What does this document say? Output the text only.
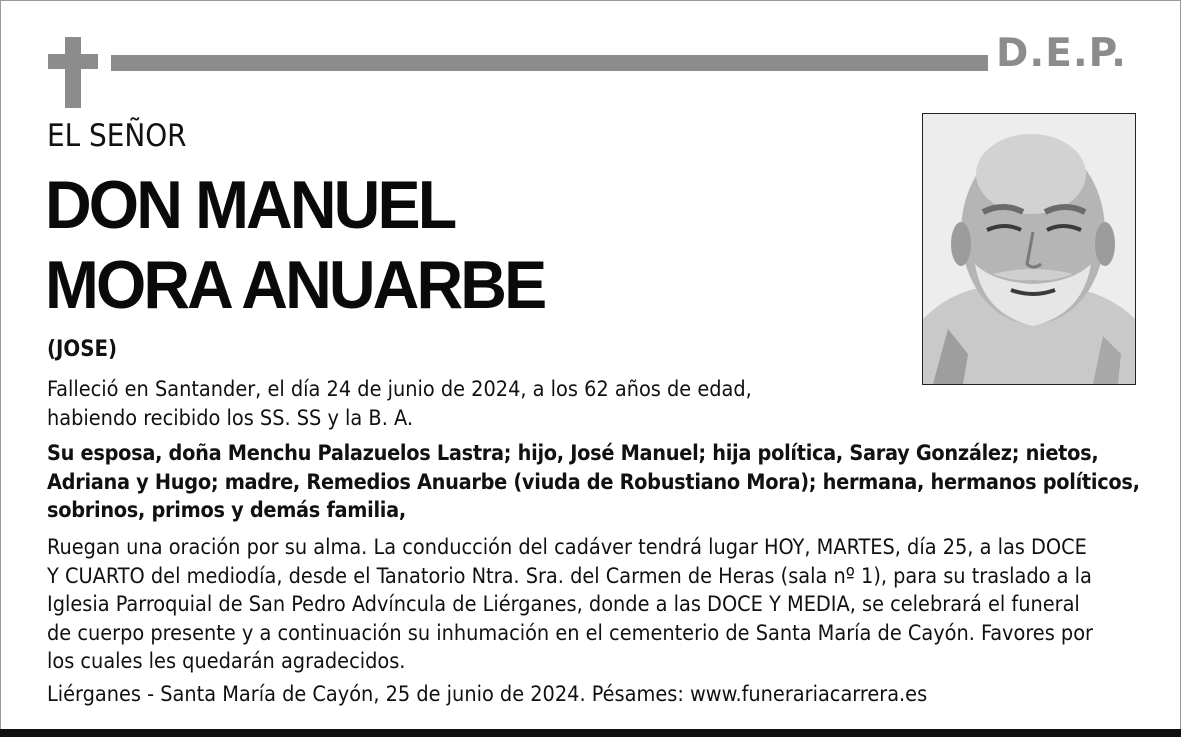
D.E.P.
EL SEÑOR
DON MANUEL
MORA ANUARBE
(JOSE)
Falleció en Santander, el día 24 de junio de 2024, a los 62 años de edad,
habiendo recibido los SS. SS y la B. A.
Su esposa, doña Menchu Palazuelos Lastra; hijo, José Manuel; hija política, Saray González; nietos,
Adriana y Hugo; madre, Remedios Anuarbe (viuda de Robustiano Mora); hermana, hermanos políticos,
sobrinos, primos y demás familia,
Ruegan una oración por su alma. La conducción del cadáver tendrá lugar HOY, MARTES, día 25, a las DOCE
Y CUARTO del mediodía, desde el Tanatorio Ntra. Sra. del Carmen de Heras (sala nº 1), para su traslado a la
Iglesia Parroquial de San Pedro Advíncula de Liérganes, donde a las DOCE Y MEDIA, se celebrará el funeral
de cuerpo presente y a continuación su inhumación en el cementerio de Santa María de Cayón. Favores por
los cuales les quedarán agradecidos.
Liérganes - Santa María de Cayón, 25 de junio de 2024. Pésames: www.funerariacarrera.es
